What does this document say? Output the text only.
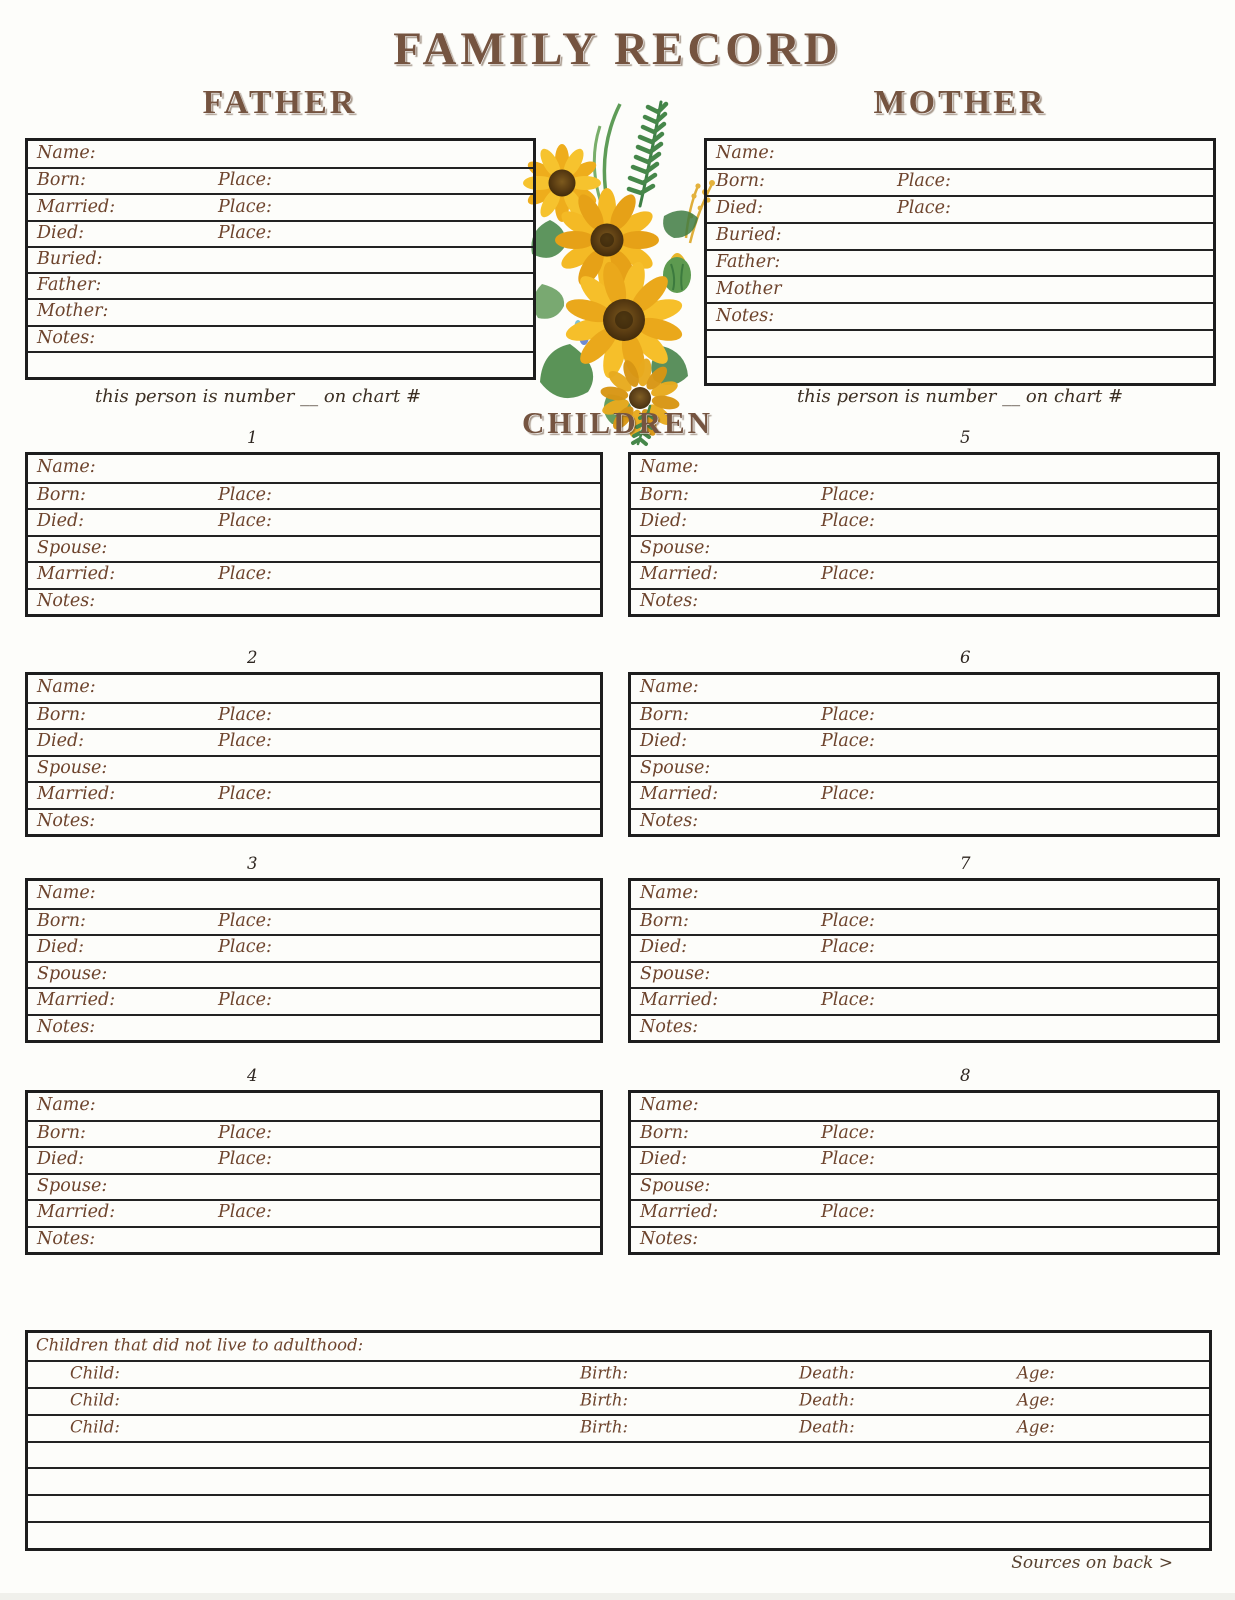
FAMILY RECORD
FATHER	MOTHER
Name:
Born:	Place:
Married:	Place:
Died:	Place:
Buried:
Father:
Mother:
Notes:
this person is number __ on chart #
Name:
Born:	Place:
Died:	Place:
Buried:
Father:
Mother
Notes:
this person is number __ on chart #
CHILDREN
1
Name:
Born:	Place:
Died:	Place:
Spouse:
Married:	Place:
Notes:
2
Name:
Born:	Place:
Died:	Place:
Spouse:
Married:	Place:
Notes:
3
Name:
Born:	Place:
Died:	Place:
Spouse:
Married:	Place:
Notes:
4
Name:
Born:	Place:
Died:	Place:
Spouse:
Married:	Place:
Notes:
5
Name:
Born:	Place:
Died:	Place:
Spouse:
Married:	Place:
Notes:
6
Name:
Born:	Place:
Died:	Place:
Spouse:
Married:	Place:
Notes:
7
Name:
Born:	Place:
Died:	Place:
Spouse:
Married:	Place:
Notes:
8
Name:
Born:	Place:
Died:	Place:
Spouse:
Married:	Place:
Notes:
Children that did not live to adulthood:
Child:	Birth:	Death:	Age:
Child:	Birth:	Death:	Age:
Child:	Birth:	Death:	Age:
Sources on back >
